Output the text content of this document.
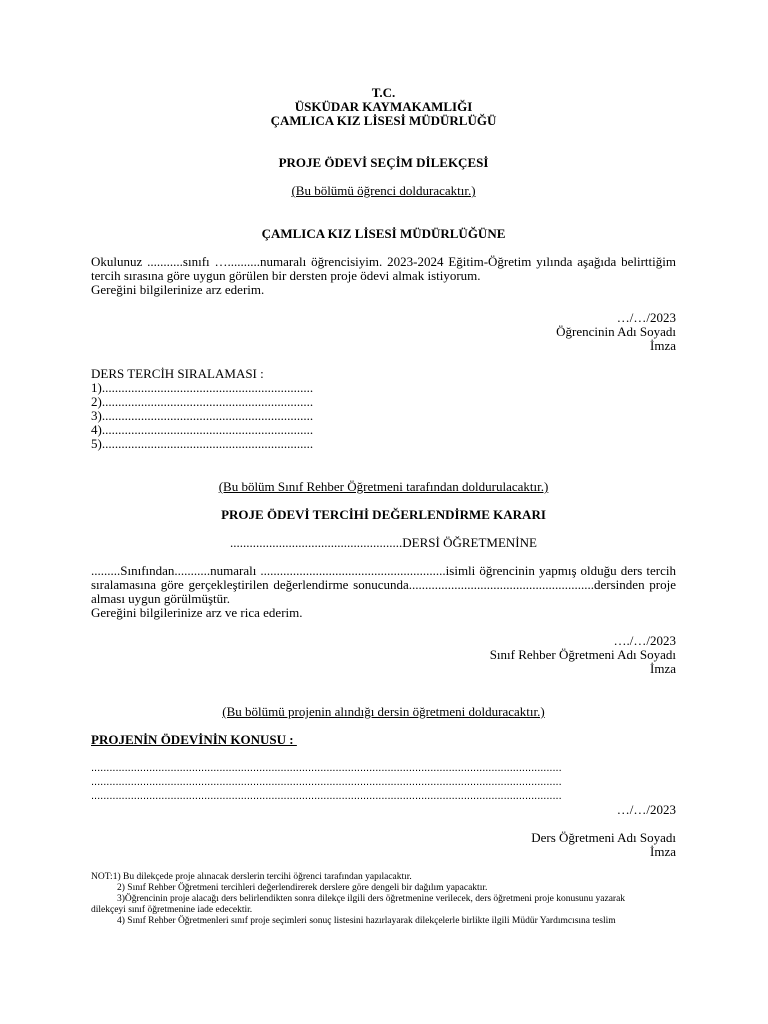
T.C.
ÜSKÜDAR KAYMAKAMLIĞI
ÇAMLICA KIZ LİSESİ MÜDÜRLÜĞÜ
PROJE ÖDEVİ SEÇİM DİLEKÇESİ
(Bu bölümü öğrenci dolduracaktır.)
ÇAMLICA KIZ LİSESİ MÜDÜRLÜĞÜNE
Okulunuz ...........sınıfı …..........numaralı öğrencisiyim. 2023-2024 Eğitim-Öğretim yılında aşağıda belirttiğim
tercih sırasına göre uygun görülen bir dersten proje ödevi almak istiyorum.
Gereğini bilgilerinize arz ederim.
…/…/2023
Öğrencinin Adı Soyadı
İmza
DERS TERCİH SIRALAMASI :
1).................................................................
2).................................................................
3).................................................................
4).................................................................
5).................................................................
(Bu bölüm Sınıf Rehber Öğretmeni tarafından doldurulacaktır.)
PROJE ÖDEVİ TERCİHİ DEĞERLENDİRME KARARI
.....................................................DERSİ ÖĞRETMENİNE
.........Sınıfından...........numaralı .........................................................isimli öğrencinin yapmış olduğu ders tercih
sıralamasına göre gerçekleştirilen değerlendirme sonucunda.........................................................dersinden proje
alması uygun görülmüştür.
Gereğini bilgilerinize arz ve rica ederim.
…./…/2023
Sınıf Rehber Öğretmeni Adı Soyadı
İmza
(Bu bölümü projenin alındığı dersin öğretmeni dolduracaktır.)
PROJENİN ÖDEVİNİN KONUSU :
..........................................................................................................................................................
..........................................................................................................................................................
..........................................................................................................................................................
…/…/2023
Ders Öğretmeni Adı Soyadı
İmza
NOT:1) Bu dilekçede proje alınacak derslerin tercihi öğrenci tarafından yapılacaktır.
2) Sınıf Rehber Öğretmeni tercihleri değerlendirerek derslere göre dengeli bir dağılım yapacaktır.
3)Öğrencinin proje alacağı ders belirlendikten sonra dilekçe ilgili ders öğretmenine verilecek, ders öğretmeni proje konusunu yazarak
dilekçeyi sınıf öğretmenine iade edecektir.
4) Sınıf Rehber Öğretmenleri sınıf proje seçimleri sonuç listesini hazırlayarak dilekçelerle birlikte ilgili Müdür Yardımcısına teslim
